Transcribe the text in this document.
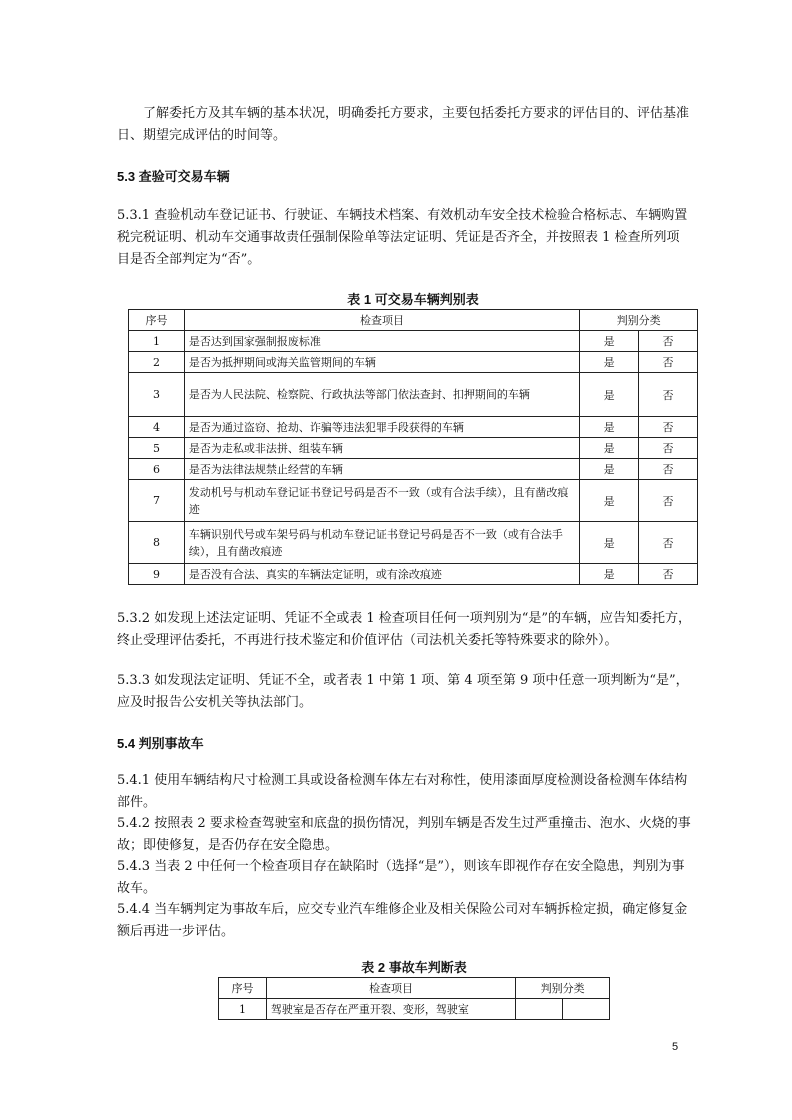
了解委托方及其车辆的基本状况，明确委托方要求，主要包括委托方要求的评估目的、评估基准日、期望完成评估的时间等。

5.3 查验可交易车辆

5.3.1 查验机动车登记证书、行驶证、车辆技术档案、有效机动车安全技术检验合格标志、车辆购置税完税证明、机动车交通事故责任强制保险单等法定证明、凭证是否齐全，并按照表 1 检查所列项目是否全部判定为“否”。

表 1 可交易车辆判别表
序号	检查项目	判别分类	
1	是否达到国家强制报废标准	是	否
2	是否为抵押期间或海关监管期间的车辆	是	否
3	是否为人民法院、检察院、行政执法等部门依法查封、扣押期间的车辆	是	否
4	是否为通过盗窃、抢劫、诈骗等违法犯罪手段获得的车辆	是	否
5	是否为走私或非法拼、组装车辆	是	否
6	是否为法律法规禁止经营的车辆	是	否
7	发动机号与机动车登记证书登记号码是否不一致（或有合法手续），且有凿改痕迹	是	否
8	车辆识别代号或车架号码与机动车登记证书登记号码是否不一致（或有合法手续），且有凿改痕迹	是	否
9	是否没有合法、真实的车辆法定证明，或有涂改痕迹	是	否

5.3.2 如发现上述法定证明、凭证不全或表 1 检查项目任何一项判别为“是”的车辆，应告知委托方，终止受理评估委托，不再进行技术鉴定和价值评估（司法机关委托等特殊要求的除外）。

5.3.3 如发现法定证明、凭证不全，或者表 1 中第 1 项、第 4 项至第 9 项中任意一项判断为“是”，应及时报告公安机关等执法部门。

5.4 判别事故车

5.4.1 使用车辆结构尺寸检测工具或设备检测车体左右对称性，使用漆面厚度检测设备检测车体结构部件。

5.4.2 按照表 2 要求检查驾驶室和底盘的损伤情况，判别车辆是否发生过严重撞击、泡水、火烧的事故；即使修复，是否仍存在安全隐患。

5.4.3 当表 2 中任何一个检查项目存在缺陷时（选择“是”），则该车即视作存在安全隐患，判别为事故车。

5.4.4 当车辆判定为事故车后，应交专业汽车维修企业及相关保险公司对车辆拆检定损，确定修复金额后再进一步评估。

表 2 事故车判断表
序号	检查项目	判别分类	
1	驾驶室是否存在严重开裂、变形，驾驶室		
5
